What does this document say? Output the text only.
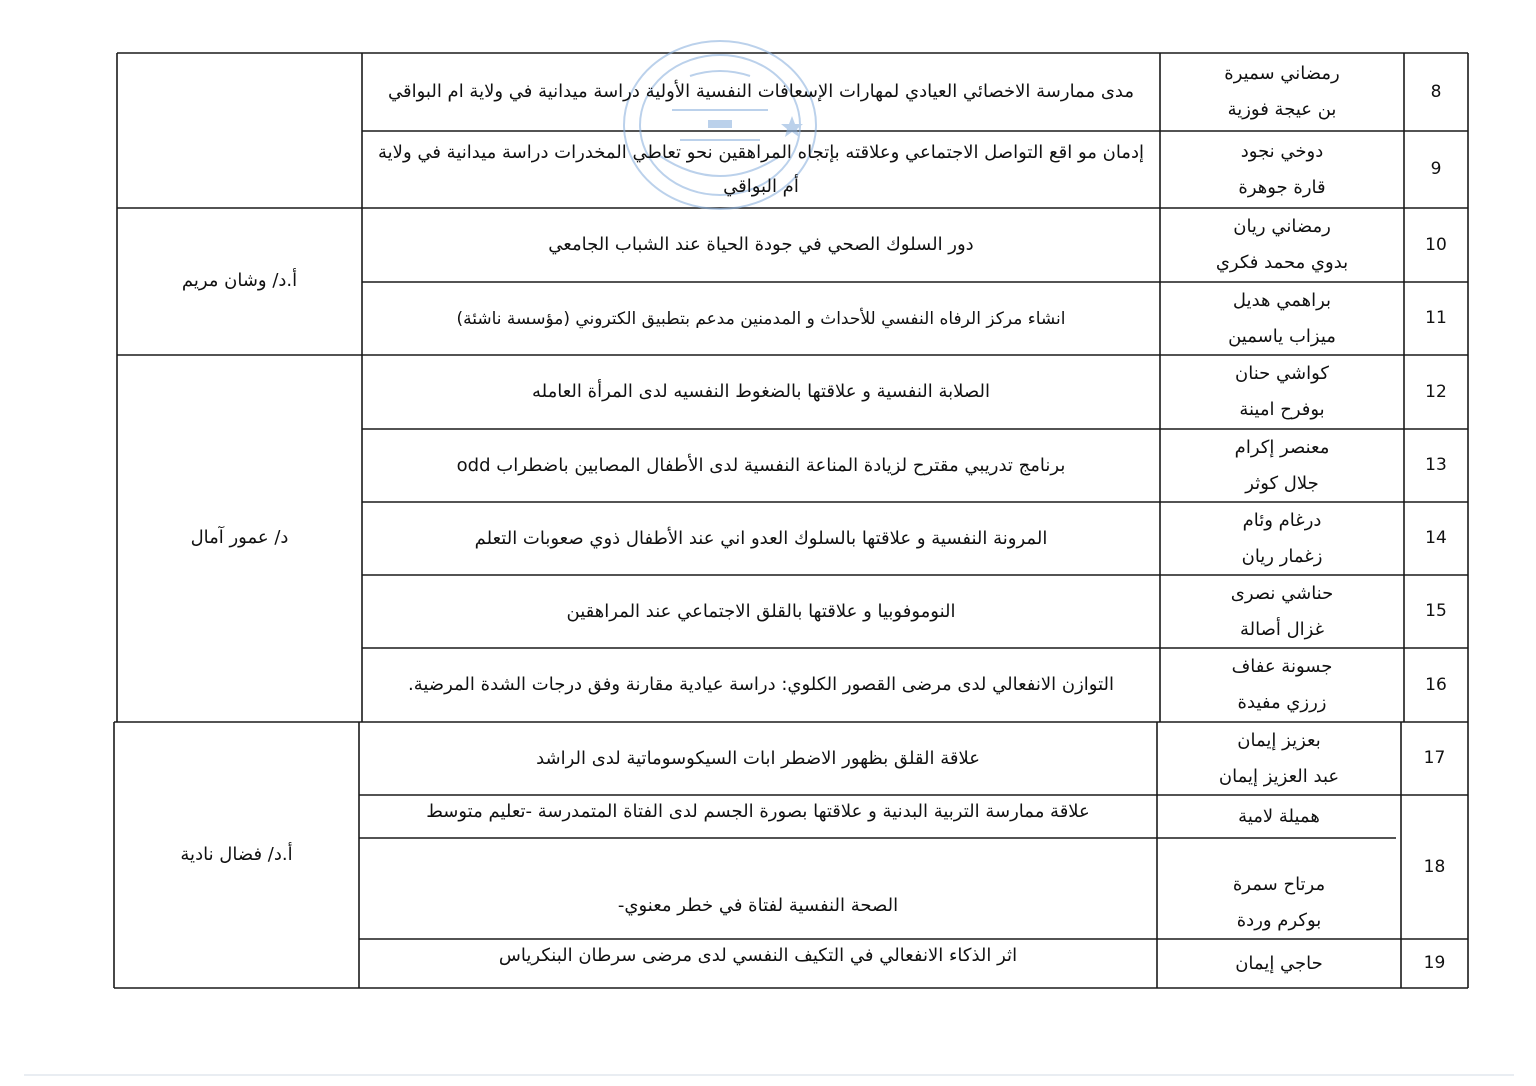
8
رمضاني سميرة
بن عيجة فوزية
مدى ممارسة الاخصائي العيادي لمهارات الإسعافات النفسية الأولية دراسة ميدانية في ولاية ام البواقي
9
دوخي نجود
قارة جوهرة
إدمان مو اقع التواصل الاجتماعي وعلاقته بإتجاه المراهقين نحو تعاطي المخدرات دراسة ميدانية في ولاية أم البواقي
10
رمضاني ريان
بدوي محمد فكري
دور السلوك الصحي في جودة الحياة عند الشباب الجامعي
11
براهمي هديل
ميزاب ياسمين
انشاء مركز الرفاه النفسي للأحداث و المدمنين مدعم بتطبيق الكتروني (مؤسسة ناشئة)
12
كواشي حنان
بوفرح امينة
الصلابة النفسية و علاقتها بالضغوط النفسيه لدى المرأة العامله
13
معنصر إكرام
جلال كوثر
برنامج تدريبي مقترح لزيادة المناعة النفسية لدى الأطفال المصابين باضطراب odd
14
درغام وئام
زغمار ريان
المرونة النفسية و علاقتها بالسلوك العدو اني عند الأطفال ذوي صعوبات التعلم
15
حناشي نصرى
غزال أصالة
النوموفوبيا و علاقتها بالقلق الاجتماعي عند المراهقين
16
جسونة عفاف
زرزي مفيدة
التوازن الانفعالي لدى مرضى القصور الكلوي: دراسة عيادية مقارنة وفق درجات الشدة المرضية.
17
بعزيز إيمان
عبد العزيز إيمان
علاقة القلق بظهور الاضطر ابات السيكوسوماتية لدى الراشد
18
هميلة لامية
علاقة ممارسة التربية البدنية و علاقتها بصورة الجسم لدى الفتاة المتمدرسة -تعليم متوسط
مرتاح سمرة
بوكرم وردة
الصحة النفسية لفتاة في خطر معنوي-
19
حاجي إيمان
اثر الذكاء الانفعالي في التكيف النفسي لدى مرضى سرطان البنكرياس
أ.د/ وشان مريم
د/ عمور آمال
أ.د/ فضال نادية
